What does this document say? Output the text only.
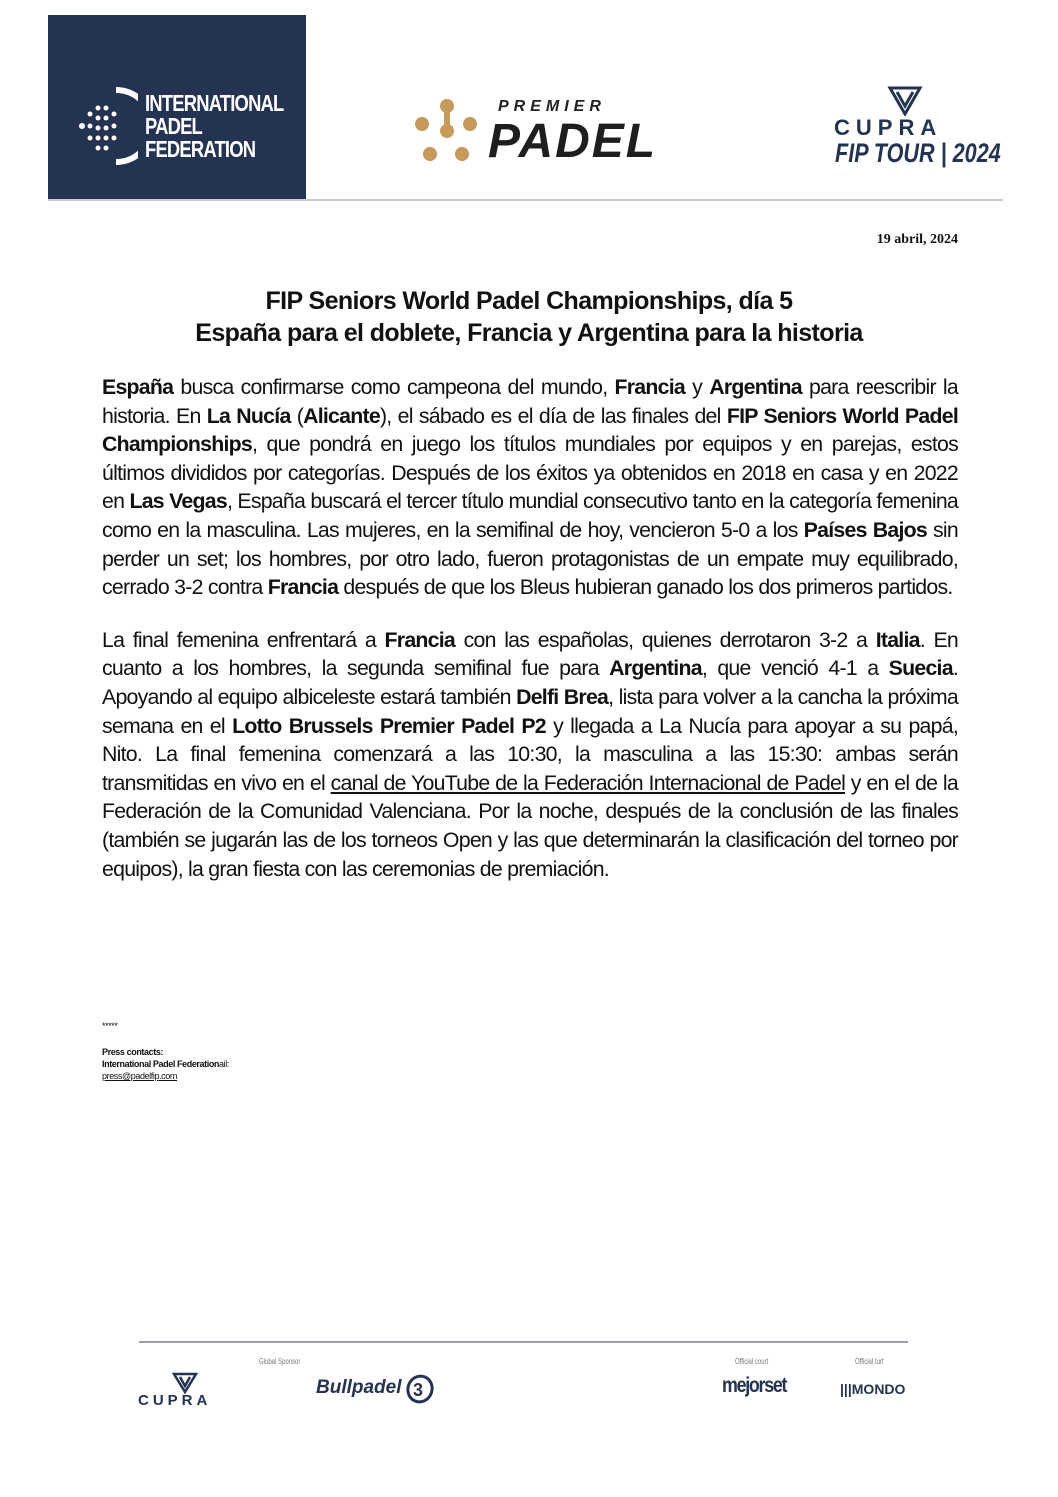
INTERNATIONAL
PADEL
FEDERATION
PREMIER
PADEL	CUPRA
FIP TOUR | 2024
19 abril, 2024
FIP Seniors World Padel Championships, día 5
España para el doblete, Francia y Argentina para la historia

España busca confirmarse como campeona del mundo, Francia y Argentina para reescribir la historia. En La Nucía (Alicante), el sábado es el día de las finales del FIP Seniors World Padel Championships, que pondrá en juego los títulos mundiales por equipos y en parejas, estos últimos divididos por categorías. Después de los éxitos ya obtenidos en 2018 en casa y en 2022 en Las Vegas, España buscará el tercer título mundial consecutivo tanto en la categoría femenina como en la masculina. Las mujeres, en la semifinal de hoy, vencieron 5-0 a los Países Bajos sin perder un set; los hombres, por otro lado, fueron protagonistas de un empate muy equilibrado, cerrado 3-2 contra Francia después de que los Bleus hubieran ganado los dos primeros partidos.

La final femenina enfrentará a Francia con las españolas, quienes derrotaron 3-2 a Italia. En cuanto a los hombres, la segunda semifinal fue para Argentina, que venció 4-1 a Suecia. Apoyando al equipo albiceleste estará también Delfi Brea, lista para volver a la cancha la próxima semana en el Lotto Brussels Premier Padel P2 y llegada a La Nucía para apoyar a su papá, Nito. La final femenina comenzará a las 10:30, la masculina a las 15:30: ambas serán transmitidas en vivo en el canal de YouTube de la Federación Internacional de Padel y en el de la Federación de la Comunidad Valenciana. Por la noche, después de la conclusión de las finales (también se jugarán las de los torneos Open y las que determinarán la clasificación del torneo por equipos), la gran fiesta con las ceremonias de premiación.

*****
Press contacts:
International Padel Federationail:
press@padelfip.com
CUPRA
Global Sponsor
Bullpadel 3
Official court
mejorset
Official turf
|||MONDO
